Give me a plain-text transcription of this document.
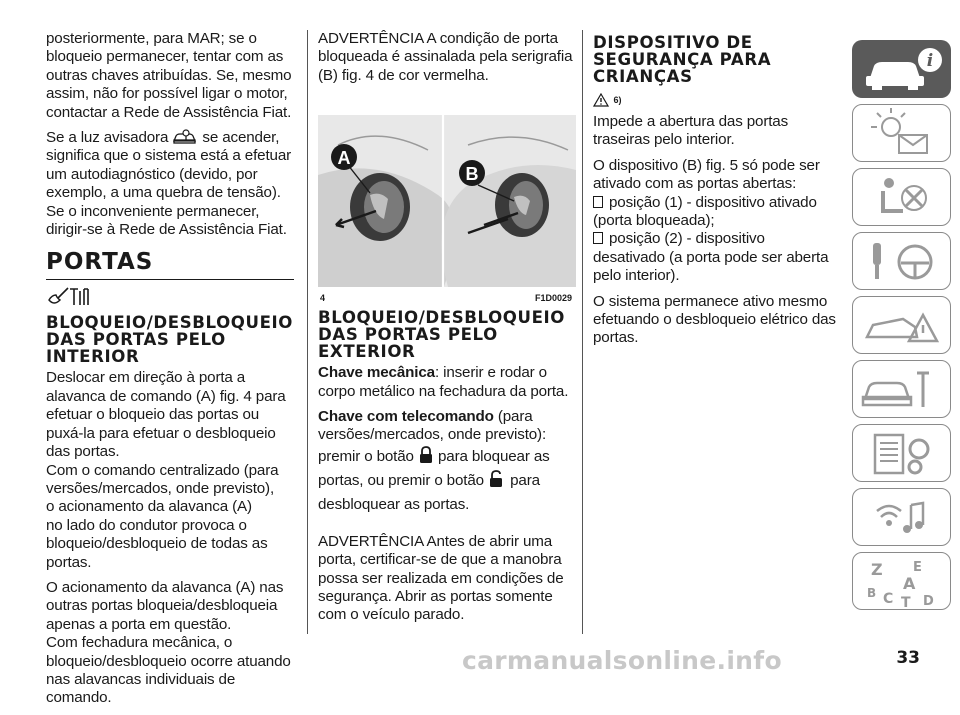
posteriormente, para MAR; se o bloqueio permanecer, tentar com as outras chaves atribuídas. Se, mesmo assim, não for possível ligar o motor, contactar a Rede de Assistência Fiat.

Se a luz avisadora se acender, significa que o sistema está a efetuar um autodiagnóstico (devido, por exemplo, a uma quebra de tensão). Se o inconveniente permanecer, dirigir-se à Rede de Assistência Fiat.

PORTAS
BLOQUEIO/DESBLOQUEIO DAS PORTAS PELO INTERIOR

Deslocar em direção à porta a alavanca de comando (A) fig. 4 para efetuar o bloqueio das portas ou puxá-la para efetuar o desbloqueio das portas.

Com o comando centralizado (para versões/mercados, onde previsto),

o acionamento da alavanca (A)

no lado do condutor provoca o bloqueio/desbloqueio de todas as portas.

O acionamento da alavanca (A) nas outras portas bloqueia/desbloqueia apenas a porta em questão.

Com fechadura mecânica, o bloqueio/desbloqueio ocorre atuando nas alavancas individuais de comando.

ADVERTÊNCIA A condição de porta bloqueada é assinalada pela serigrafia (B) fig. 4 de cor vermelha.

A
B
4	F1D0029
BLOQUEIO/DESBLOQUEIO DAS PORTAS PELO EXTERIOR

Chave mecânica: inserir e rodar o corpo metálico na fechadura da porta.

Chave com telecomando (para versões/mercados, onde previsto):

premir o botão para bloquear as portas, ou premir o botão para desbloquear as portas.

ADVERTÊNCIA Antes de abrir uma porta, certificar-se de que a manobra possa ser realizada em condições de segurança. Abrir as portas somente com o veículo parado.

DISPOSITIVO DE SEGURANÇA PARA CRIANÇAS
6)

Impede a abertura das portas traseiras pelo interior.

O dispositivo (B) fig. 5 só pode ser ativado com as portas abertas:

posição (1) - dispositivo ativado (porta bloqueada);

posição (2) - dispositivo desativado (a porta pode ser aberta pelo interior).

O sistema permanece ativo mesmo efetuando o desbloqueio elétrico das portas.

i
Z E
A
B C T D
33
carmanualsonline.info
